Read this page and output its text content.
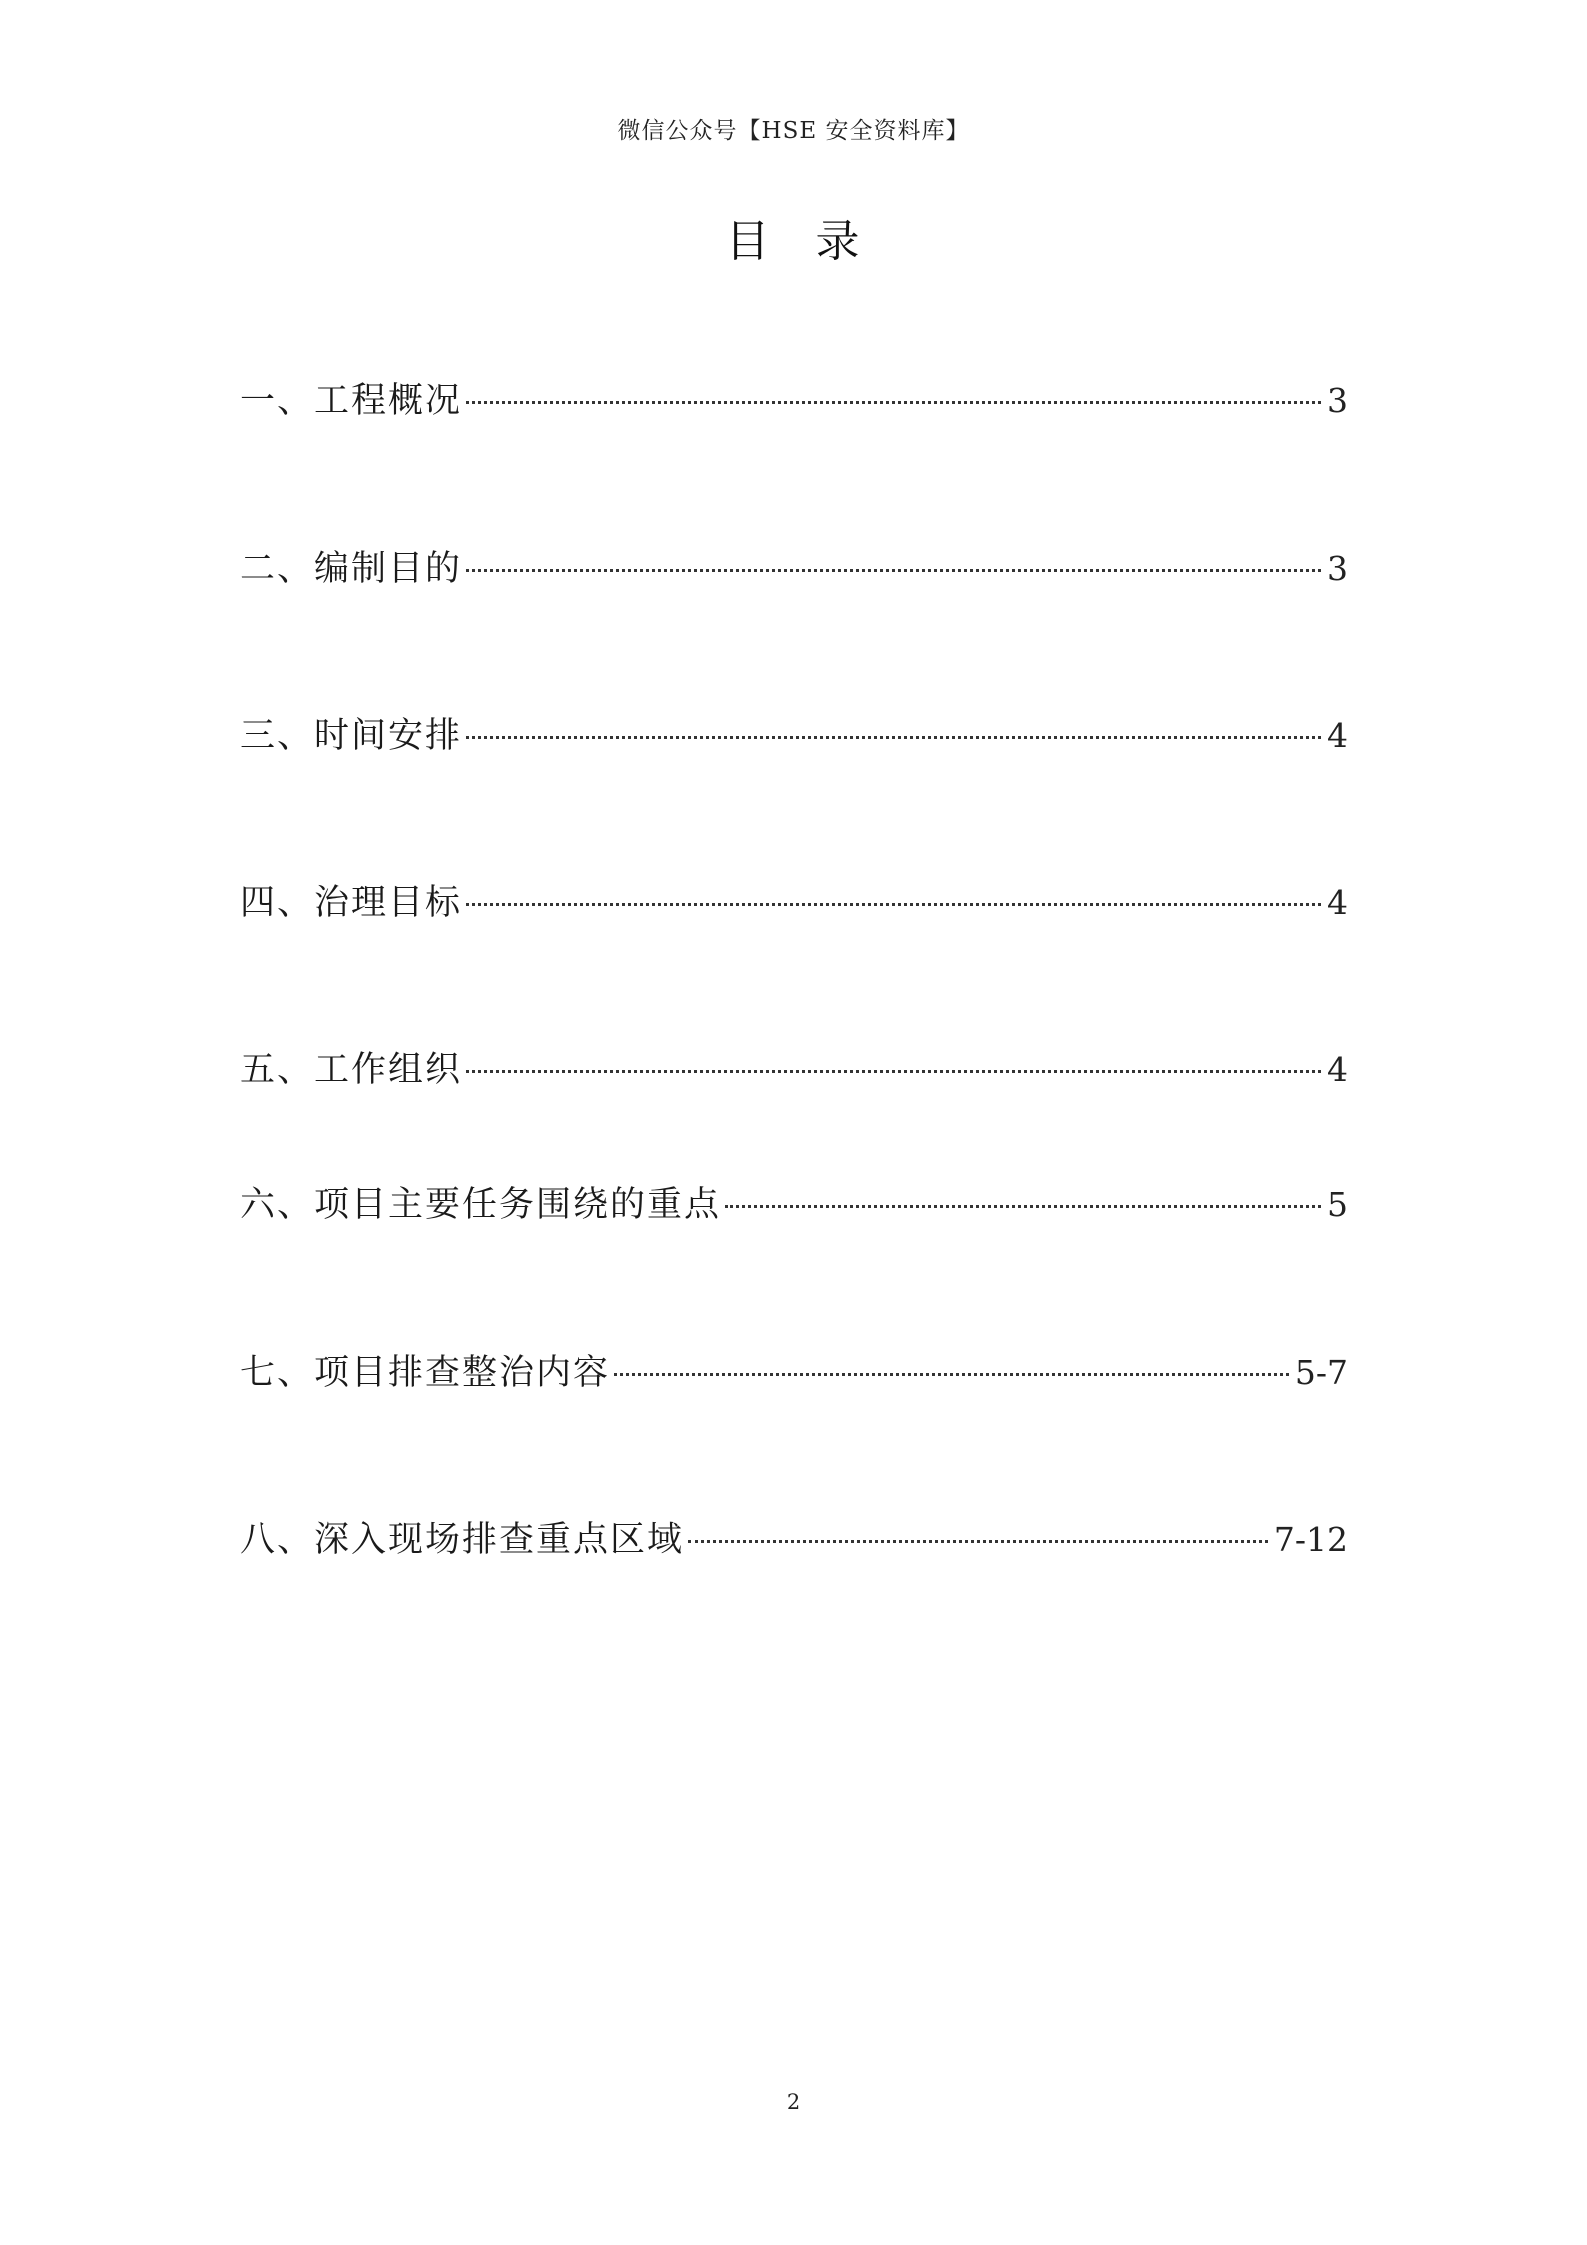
微信公众号【HSE 安全资料库】
目 录
一、工程概况	3
二、编制目的	3
三、时间安排	4
四、治理目标	4
五、工作组织	4
六、项目主要任务围绕的重点	5
七、项目排查整治内容	5-7
八、深入现场排查重点区域	7-12
2
